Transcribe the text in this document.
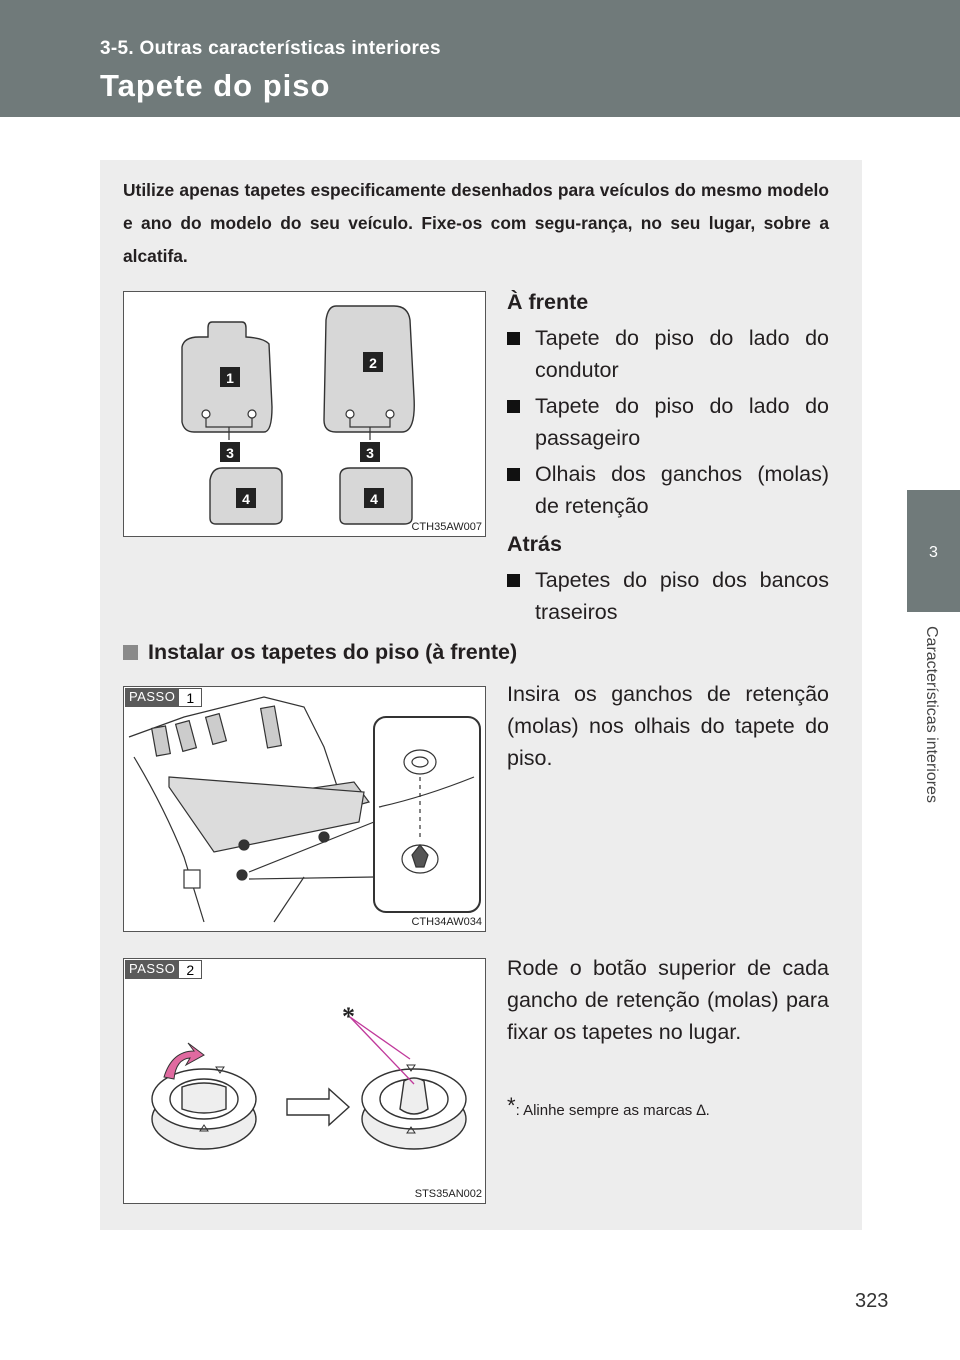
3-5. Outras características interiores
Tapete do piso
3
Características interiores
Utilize apenas tapetes especificamente desenhados para veículos do mesmo modelo e ano do modelo do seu veículo. Fixe-os com segu-rança, no seu lugar, sobre a alcatifa.
1
2
3	3
4	4
CTH35AW007
À frente
Tapete do piso do lado do condutor
Tapete do piso do lado do passageiro
Olhais dos ganchos (molas) de retenção
Atrás
Tapetes do piso dos bancos traseiros
Instalar os tapetes do piso (à frente)
PASSO 1
CTH34AW034
Insira os ganchos de retenção (molas) nos olhais do tapete do piso.
PASSO 2
*
STS35AN002
Rode o botão superior de cada gancho de retenção (molas) para fixar os tapetes no lugar.
*: Alinhe sempre as marcas ∆.
323
